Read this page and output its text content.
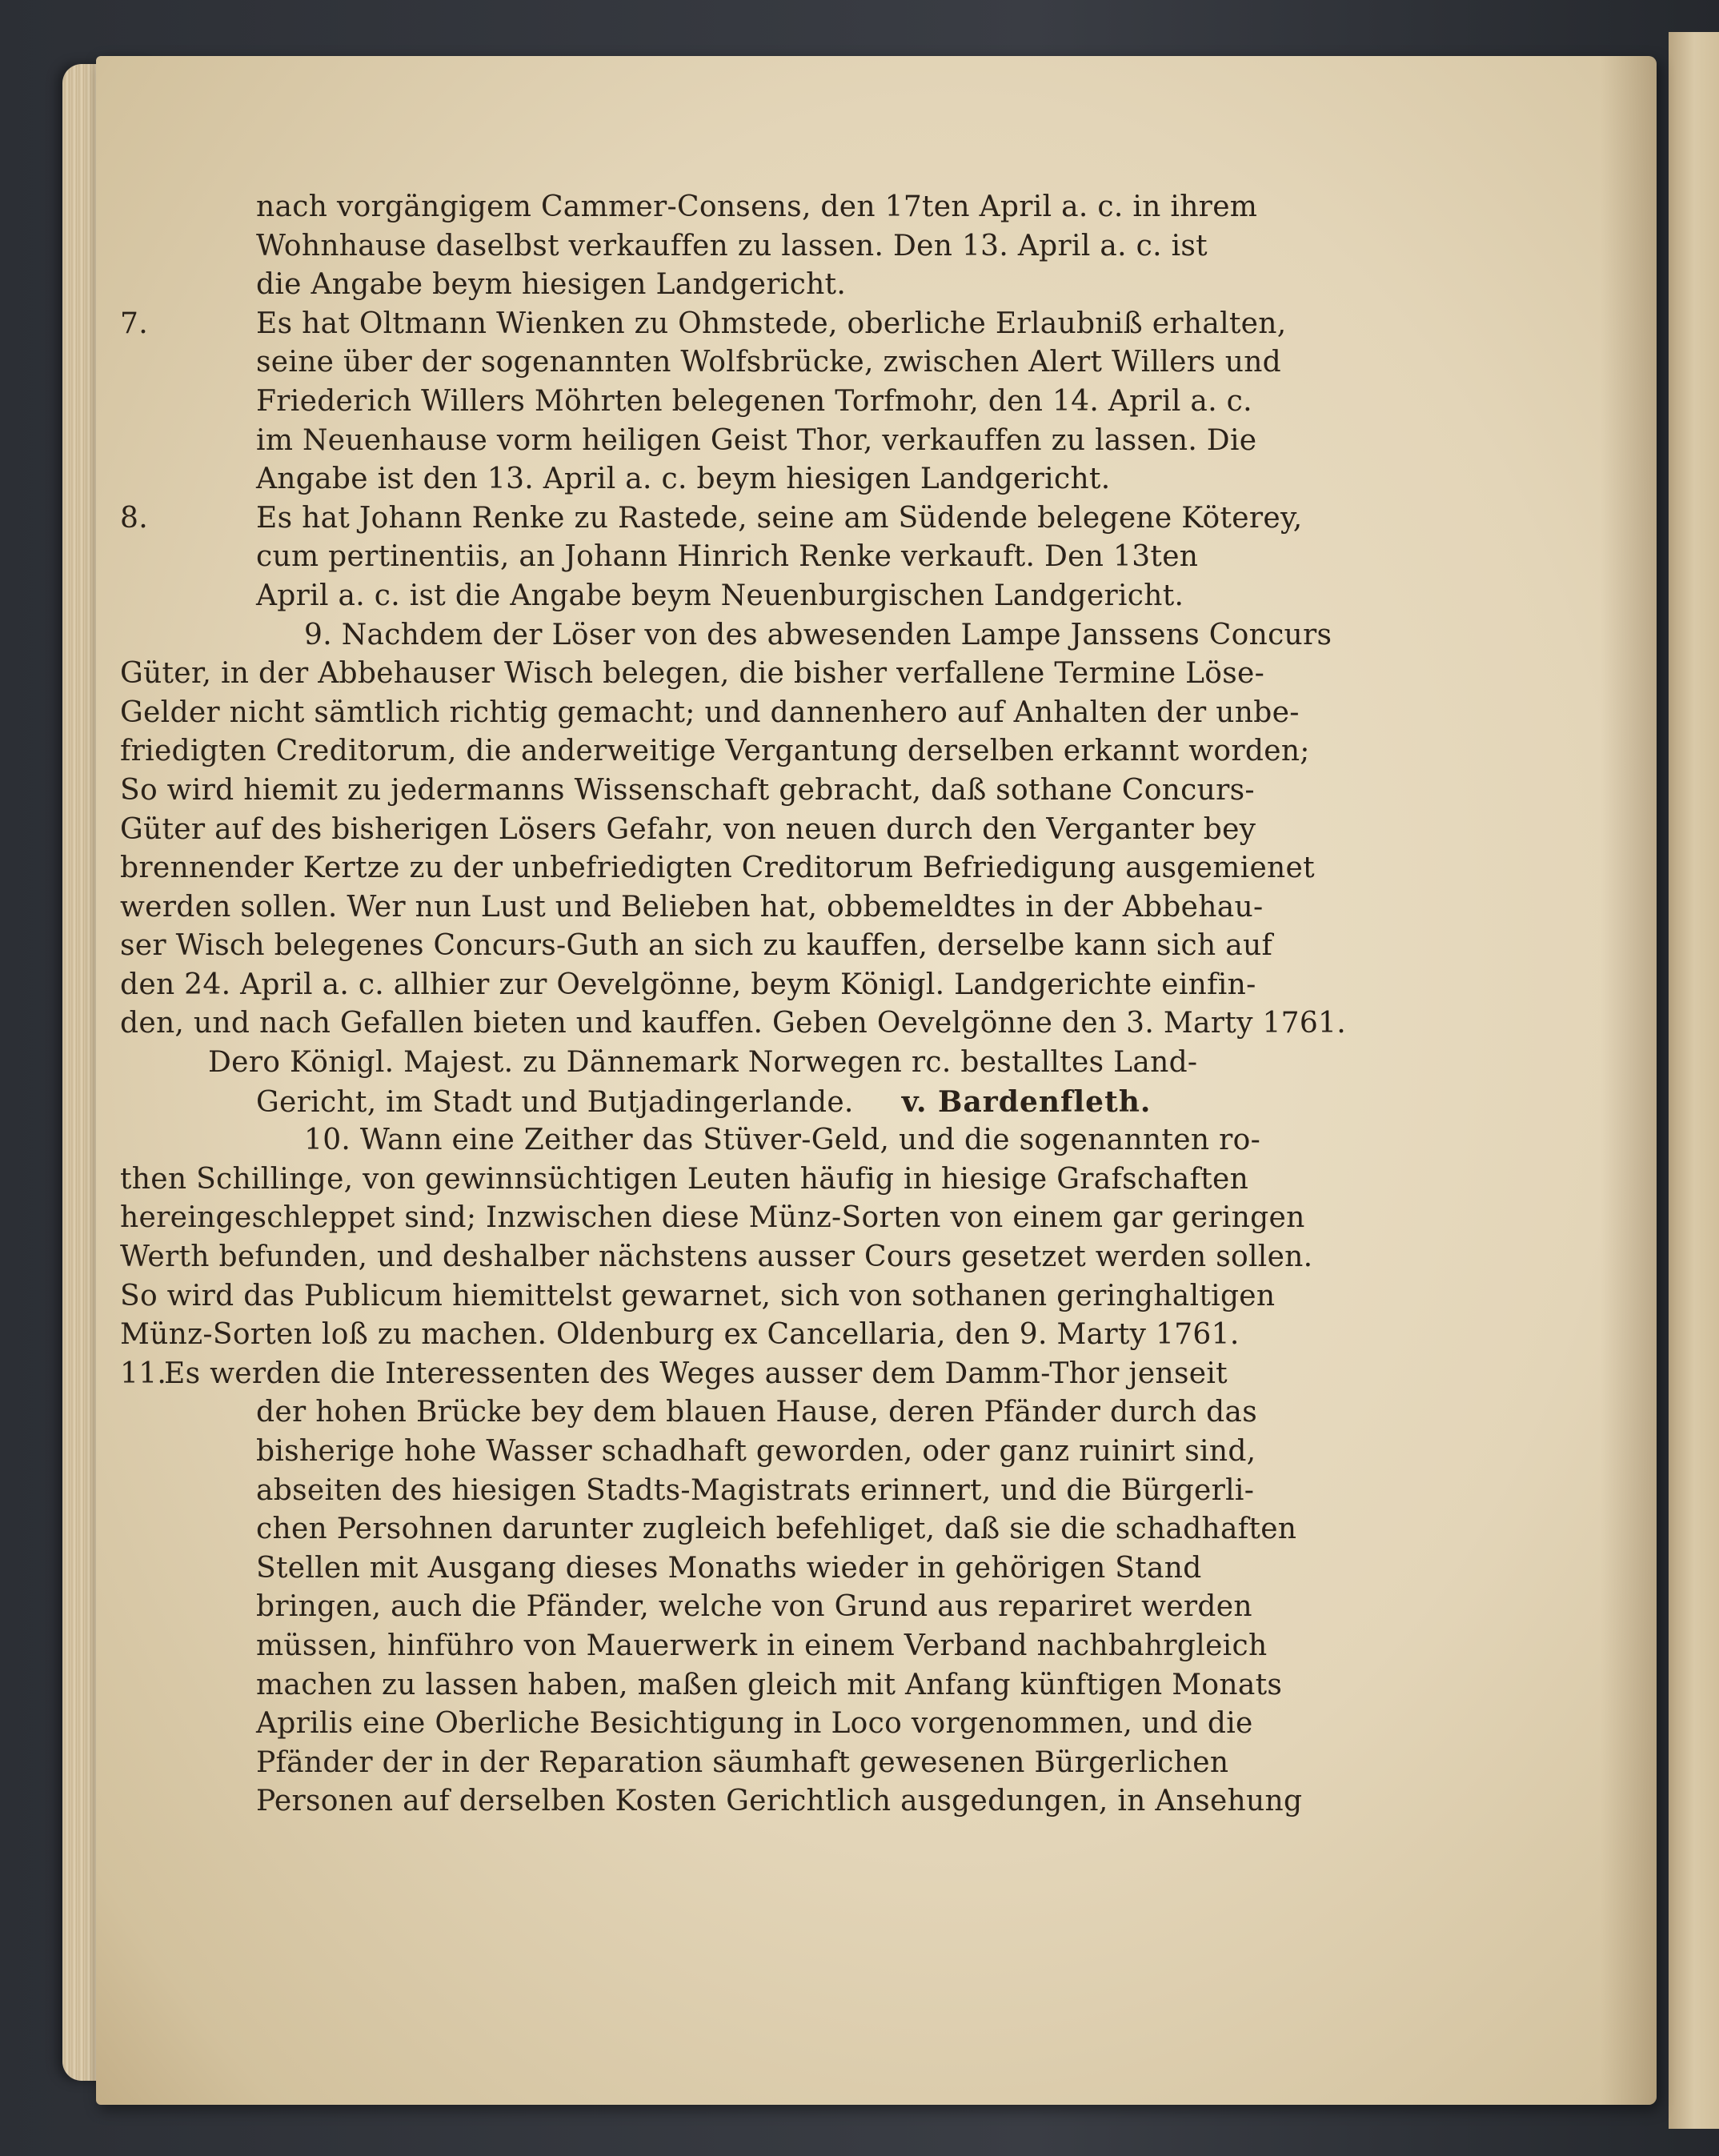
nach vorgängigem Cammer-Consens, den 17ten April a. c. in ihrem
Wohnhause daselbst verkauffen zu lassen. Den 13. April a. c. ist
die Angabe beym hiesigen Landgericht.
7.	Es hat Oltmann Wienken zu Ohmstede, oberliche Erlaubniß erhalten,
seine über der sogenannten Wolfsbrücke, zwischen Alert Willers und
Friederich Willers Möhrten belegenen Torfmohr, den 14. April a. c.
im Neuenhause vorm heiligen Geist Thor, verkauffen zu lassen. Die
Angabe ist den 13. April a. c. beym hiesigen Landgericht.
8.	Es hat Johann Renke zu Rastede, seine am Südende belegene Köterey,
cum pertinentiis, an Johann Hinrich Renke verkauft. Den 13ten
April a. c. ist die Angabe beym Neuenburgischen Landgericht.
9. Nachdem der Löser von des abwesenden Lampe Janssens Concurs
Güter, in der Abbehauser Wisch belegen, die bisher verfallene Termine Löse-
Gelder nicht sämtlich richtig gemacht; und dannenhero auf Anhalten der unbe-
friedigten Creditorum, die anderweitige Vergantung derselben erkannt worden;
So wird hiemit zu jedermanns Wissenschaft gebracht, daß sothane Concurs-
Güter auf des bisherigen Lösers Gefahr, von neuen durch den Verganter bey
brennender Kertze zu der unbefriedigten Creditorum Befriedigung ausgemienet
werden sollen. Wer nun Lust und Belieben hat, obbemeldtes in der Abbehau-
ser Wisch belegenes Concurs-Guth an sich zu kauffen, derselbe kann sich auf
den 24. April a. c. allhier zur Oevelgönne, beym Königl. Landgerichte einfin-
den, und nach Gefallen bieten und kauffen. Geben Oevelgönne den 3. Marty 1761.
Dero Königl. Majest. zu Dännemark Norwegen rc. bestalltes Land-
Gericht, im Stadt und Butjadingerlande. v. Bardenfleth.
10. Wann eine Zeither das Stüver-Geld, und die sogenannten ro-
then Schillinge, von gewinnsüchtigen Leuten häufig in hiesige Grafschaften
hereingeschleppet sind; Inzwischen diese Münz-Sorten von einem gar geringen
Werth befunden, und deshalber nächstens ausser Cours gesetzet werden sollen.
So wird das Publicum hiemittelst gewarnet, sich von sothanen geringhaltigen
Münz-Sorten loß zu machen. Oldenburg ex Cancellaria, den 9. Marty 1761.
11.Es werden die Interessenten des Weges ausser dem Damm-Thor jenseit
der hohen Brücke bey dem blauen Hause, deren Pfänder durch das
bisherige hohe Wasser schadhaft geworden, oder ganz ruinirt sind,
abseiten des hiesigen Stadts-Magistrats erinnert, und die Bürgerli-
chen Persohnen darunter zugleich befehliget, daß sie die schadhaften
Stellen mit Ausgang dieses Monaths wieder in gehörigen Stand
bringen, auch die Pfänder, welche von Grund aus repariret werden
müssen, hinführo von Mauerwerk in einem Verband nachbahrgleich
machen zu lassen haben, maßen gleich mit Anfang künftigen Monats
Aprilis eine Oberliche Besichtigung in Loco vorgenommen, und die
Pfänder der in der Reparation säumhaft gewesenen Bürgerlichen
Personen auf derselben Kosten Gerichtlich ausgedungen, in Ansehung
